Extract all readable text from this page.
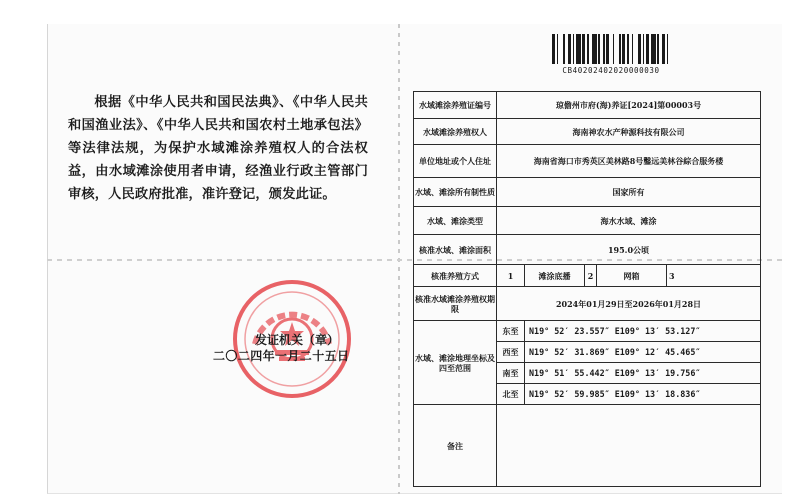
根据《中华人民共和国民法典》、《中华人民共和国渔业法》、《中华人民共和国农村土地承包法》等法律法规，为保护水域滩涂养殖权人的合法权益，由水域滩涂使用者申请，经渔业行政主管部门审核，人民政府批准，准许登记，颁发此证。

发证机关（章）
二〇二四年一月二十五日
CB40202402020000030
水域滩涂养殖证编号	琼儋州市府(海)养证[2024]第00003号				
水域滩涂养殖权人	海南神农水产种源科技有限公司				
单位地址或个人住址	海南省海口市秀英区美林路8号鑿远美林谷綜合服务楼				
水域、滩涂所有制性质	国家所有				
水域、滩涂类型	海水水域、滩涂				
核准水域、滩涂面积	195.0公顷				
核准养殖方式	1	滩涂底播	2	网箱	3
核准水域滩涂养殖权期限	2024年01月29日至2026年01月28日				
水域、滩涂地理坐标及四至范围	东至	N19° 52′ 23.557″ E109° 13′ 53.127″			
	西至	N19° 52′ 31.869″ E109° 12′ 45.465″			
	南至	N19° 51′ 55.442″ E109° 13′ 19.756″			
	北至	N19° 52′ 59.985″ E109° 13′ 18.836″			
备注					
